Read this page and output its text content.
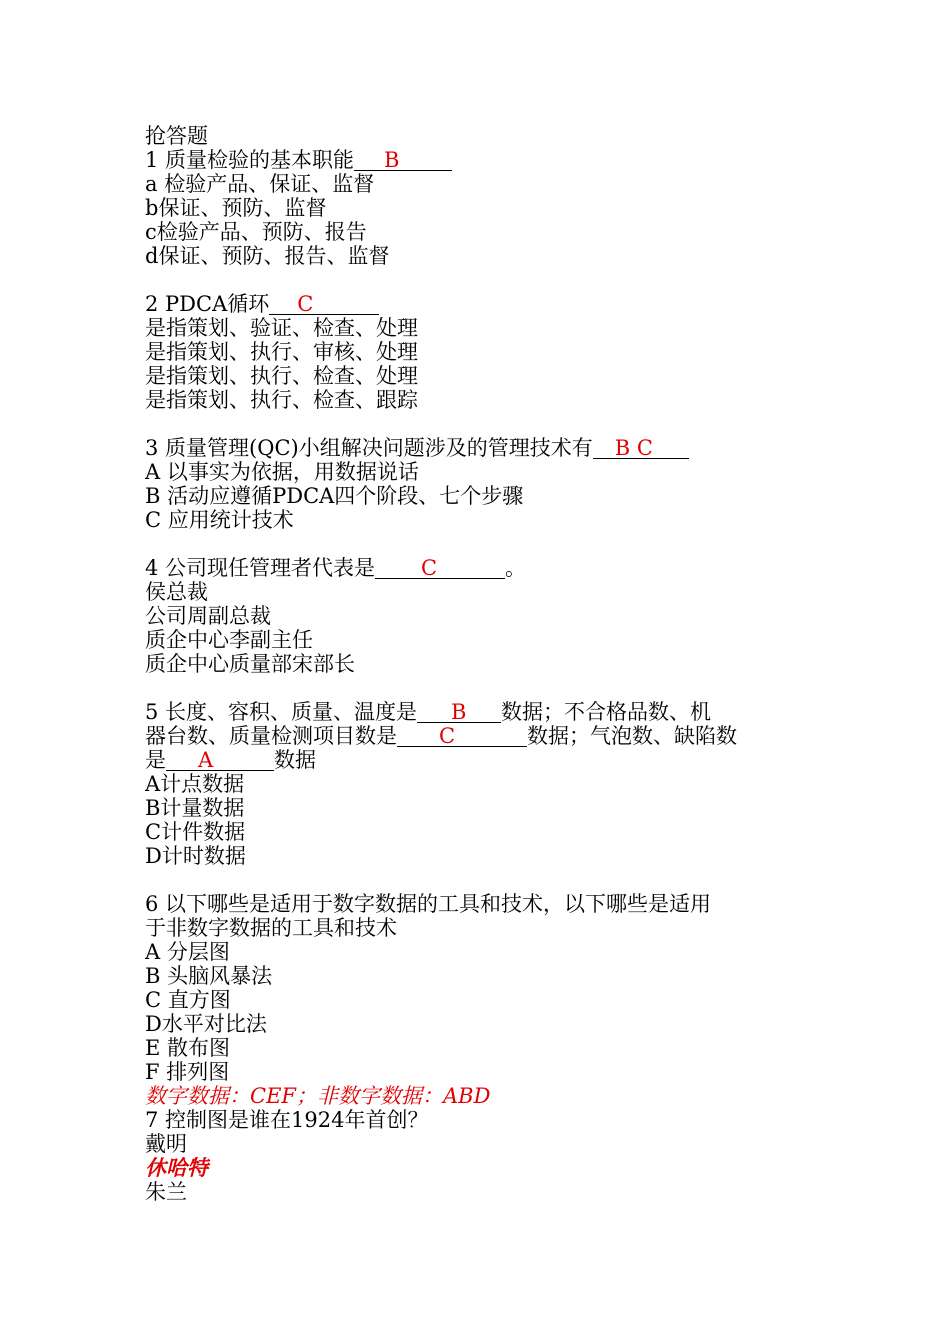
抢答题
1 质量检验的基本职能 B
a 检验产品、保证、监督
b保证、预防、监督
c检验产品、预防、报告
d保证、预防、报告、监督
2 PDCA循环 C
是指策划、验证、检查、处理
是指策划、执行、审核、处理
是指策划、执行、检查、处理
是指策划、执行、检查、跟踪
3 质量管理(QC)小组解决问题涉及的管理技术有 B C
A 以事实为依据，用数据说话
B 活动应遵循PDCA四个阶段、七个步骤
C 应用统计技术
4 公司现任管理者代表是 C	。
侯总裁
公司周副总裁
质企中心李副主任
质企中心质量部宋部长
5 长度、容积、质量、温度是 B 数据；不合格品数、机
器台数、质量检测项目数是 C	数据；气泡数、缺陷数
是 A	数据
A计点数据
B计量数据
C计件数据
D计时数据
6 以下哪些是适用于数字数据的工具和技术，以下哪些是适用
于非数字数据的工具和技术
A 分层图
B 头脑风暴法
C 直方图
D水平对比法
E 散布图
F 排列图
数字数据：CEF；非数字数据：ABD
7 控制图是谁在1924年首创？
戴明
休哈特
朱兰
